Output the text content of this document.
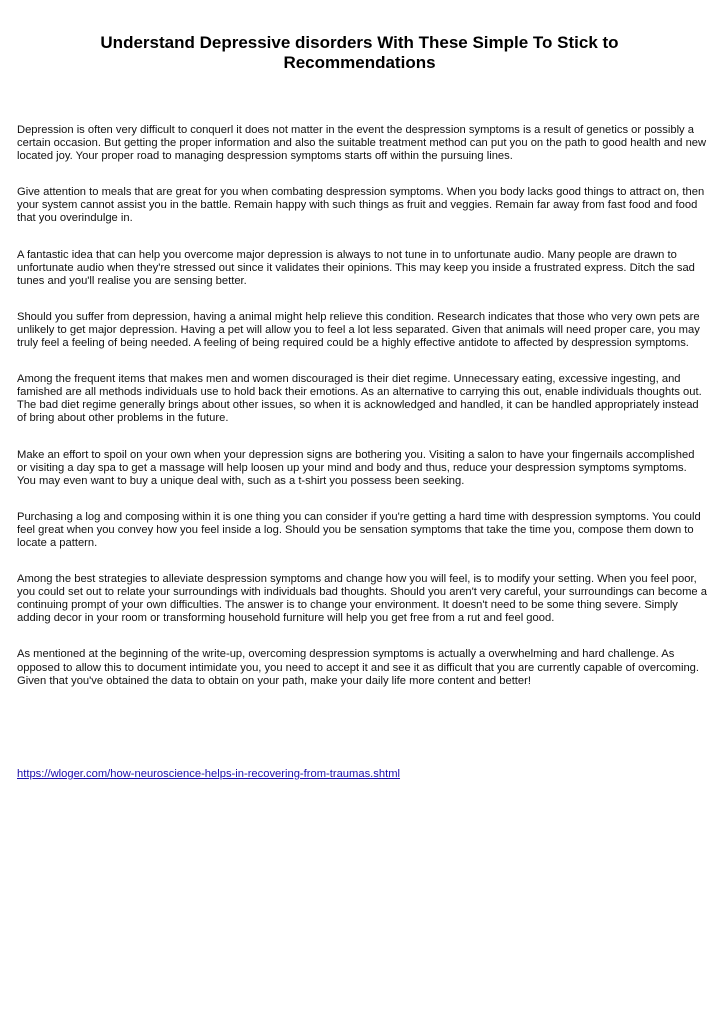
Understand Depressive disorders With These Simple To Stick to Recommendations

Depression is often very difficult to conquerl it does not matter in the event the despression symptoms is a result of genetics or possibly a certain occasion. But getting the proper information and also the suitable treatment method can put you on the path to good health and new located joy. Your proper road to managing despression symptoms starts off within the pursuing lines.

Give attention to meals that are great for you when combating despression symptoms. When you body lacks good things to attract on, then your system cannot assist you in the battle. Remain happy with such things as fruit and veggies. Remain far away from fast food and food that you overindulge in.

A fantastic idea that can help you overcome major depression is always to not tune in to unfortunate audio. Many people are drawn to unfortunate audio when they're stressed out since it validates their opinions. This may keep you inside a frustrated express. Ditch the sad tunes and you'll realise you are sensing better.

Should you suffer from depression, having a animal might help relieve this condition. Research indicates that those who very own pets are unlikely to get major depression. Having a pet will allow you to feel a lot less separated. Given that animals will need proper care, you may truly feel a feeling of being needed. A feeling of being required could be a highly effective antidote to affected by despression symptoms.

Among the frequent items that makes men and women discouraged is their diet regime. Unnecessary eating, excessive ingesting, and famished are all methods individuals use to hold back their emotions. As an alternative to carrying this out, enable individuals thoughts out. The bad diet regime generally brings about other issues, so when it is acknowledged and handled, it can be handled appropriately instead of bring about other problems in the future.

Make an effort to spoil on your own when your depression signs are bothering you. Visiting a salon to have your fingernails accomplished or visiting a day spa to get a massage will help loosen up your mind and body and thus, reduce your despression symptoms symptoms. You may even want to buy a unique deal with, such as a t-shirt you possess been seeking.

Purchasing a log and composing within it is one thing you can consider if you're getting a hard time with despression symptoms. You could feel great when you convey how you feel inside a log. Should you be sensation symptoms that take the time you, compose them down to locate a pattern.

Among the best strategies to alleviate despression symptoms and change how you will feel, is to modify your setting. When you feel poor, you could set out to relate your surroundings with individuals bad thoughts. Should you aren't very careful, your surroundings can become a continuing prompt of your own difficulties. The answer is to change your environment. It doesn't need to be some thing severe. Simply adding decor in your room or transforming household furniture will help you get free from a rut and feel good.

As mentioned at the beginning of the write-up, overcoming despression symptoms is actually a overwhelming and hard challenge. As opposed to allow this to document intimidate you, you need to accept it and see it as difficult that you are currently capable of overcoming. Given that you've obtained the data to obtain on your path, make your daily life more content and better!

https://wloger.com/how-neuroscience-helps-in-recovering-from-traumas.shtml
